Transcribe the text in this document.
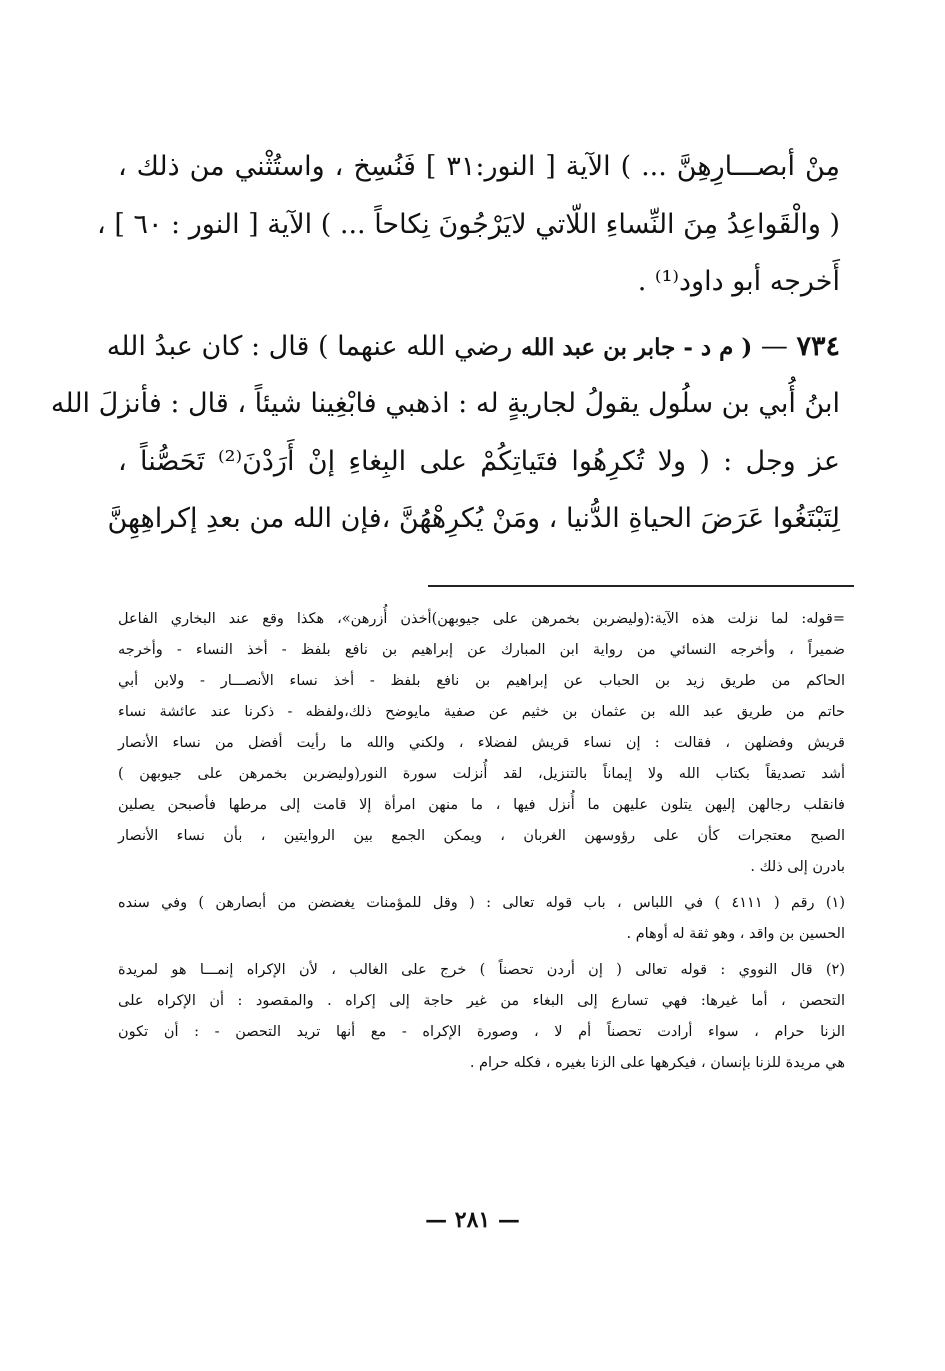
مِنْ أبصـــارِهِنَّ ... ) الآية [ النور:٣١ ] فَنُسِخ ، واستُثْني من ذلك ،
( والْقَواعِدُ مِنَ النِّساءِ اللّاتي لايَرْجُونَ نِكاحاً ... ) الآية [ النور : ٦٠ ] ،
أَخرجه أبو داود⁽¹⁾ .
٧٣٤ — ( م د - جابر بن عبد الله رضي الله عنهما ) قال : كان عبدُ الله
ابنُ أُبي بن سلُول يقولُ لجاريةٍ له : اذهبي فابْغِينا شيئاً ، قال : فأنزلَ الله
عز وجل : ( ولا تُكرِهُوا فتَياتِكُمْ على البِغاءِ إنْ أَرَدْنَ⁽²⁾ تَحَصُّناً ،
لِتَبْتَغُوا عَرَضَ الحياةِ الدُّنيا ، ومَنْ يُكرِهْهُنَّ ،فإن الله من بعدِ إكراهِهِنَّ
=قوله: لما نزلت هذه الآية:(وليضربن بخمرهن على جيوبهن)أخذن أُزرهن»، هكذا وقع عند البخاري الفاعل
ضميراً ، وأخرجه النسائي من رواية ابن المبارك عن إبراهيم بن نافع بلفظ - أخذ النساء - وأخرجه
الحاكم من طريق زيد بن الحباب عن إبراهيم بن نافع بلفظ - أخذ نساء الأنصـــار - ولابن أبي
حاتم من طريق عبد الله بن عثمان بن خثيم عن صفية مايوضح ذلك،ولفظه - ذكرنا عند عائشة نساء
قريش وفضلهن ، فقالت : إن نساء قريش لفضلاء ، ولكني والله ما رأيت أفضل من نساء الأنصار
أشد تصديقاً بكتاب الله ولا إيماناً بالتنزيل، لقد أُنزلت سورة النور(وليضربن بخمرهن على جيوبهن )
فانقلب رجالهن إليهن يتلون عليهن ما أُنزل فيها ، ما منهن امرأة إلا قامت إلى مرطها فأصبحن يصلين
الصبح معتجرات كأن على رؤوسهن الغربان ، ويمكن الجمع بين الروايتين ، بأن نساء الأنصار
بادرن إلى ذلك .
(١) رقم ( ٤١١١ ) في اللباس ، باب قوله تعالى : ( وقل للمؤمنات يغضضن من أبصارهن ) وفي سنده
الحسين بن واقد ، وهو ثقة له أوهام .
(٢) قال النووي : قوله تعالى ( إن أردن تحصناً ) خرج على الغالب ، لأن الإكراه إنمـــا هو لمريدة
التحصن ، أما غيرها: فهي تسارع إلى البغاء من غير حاجة إلى إكراه . والمقصود : أن الإكراه على
الزنا حرام ، سواء أرادت تحصناً أم لا ، وصورة الإكراه - مع أنها تريد التحصن - : أن تكون
هي مريدة للزنا بإنسان ، فيكرهها على الزنا بغيره ، فكله حرام .
— ٢٨١ —
